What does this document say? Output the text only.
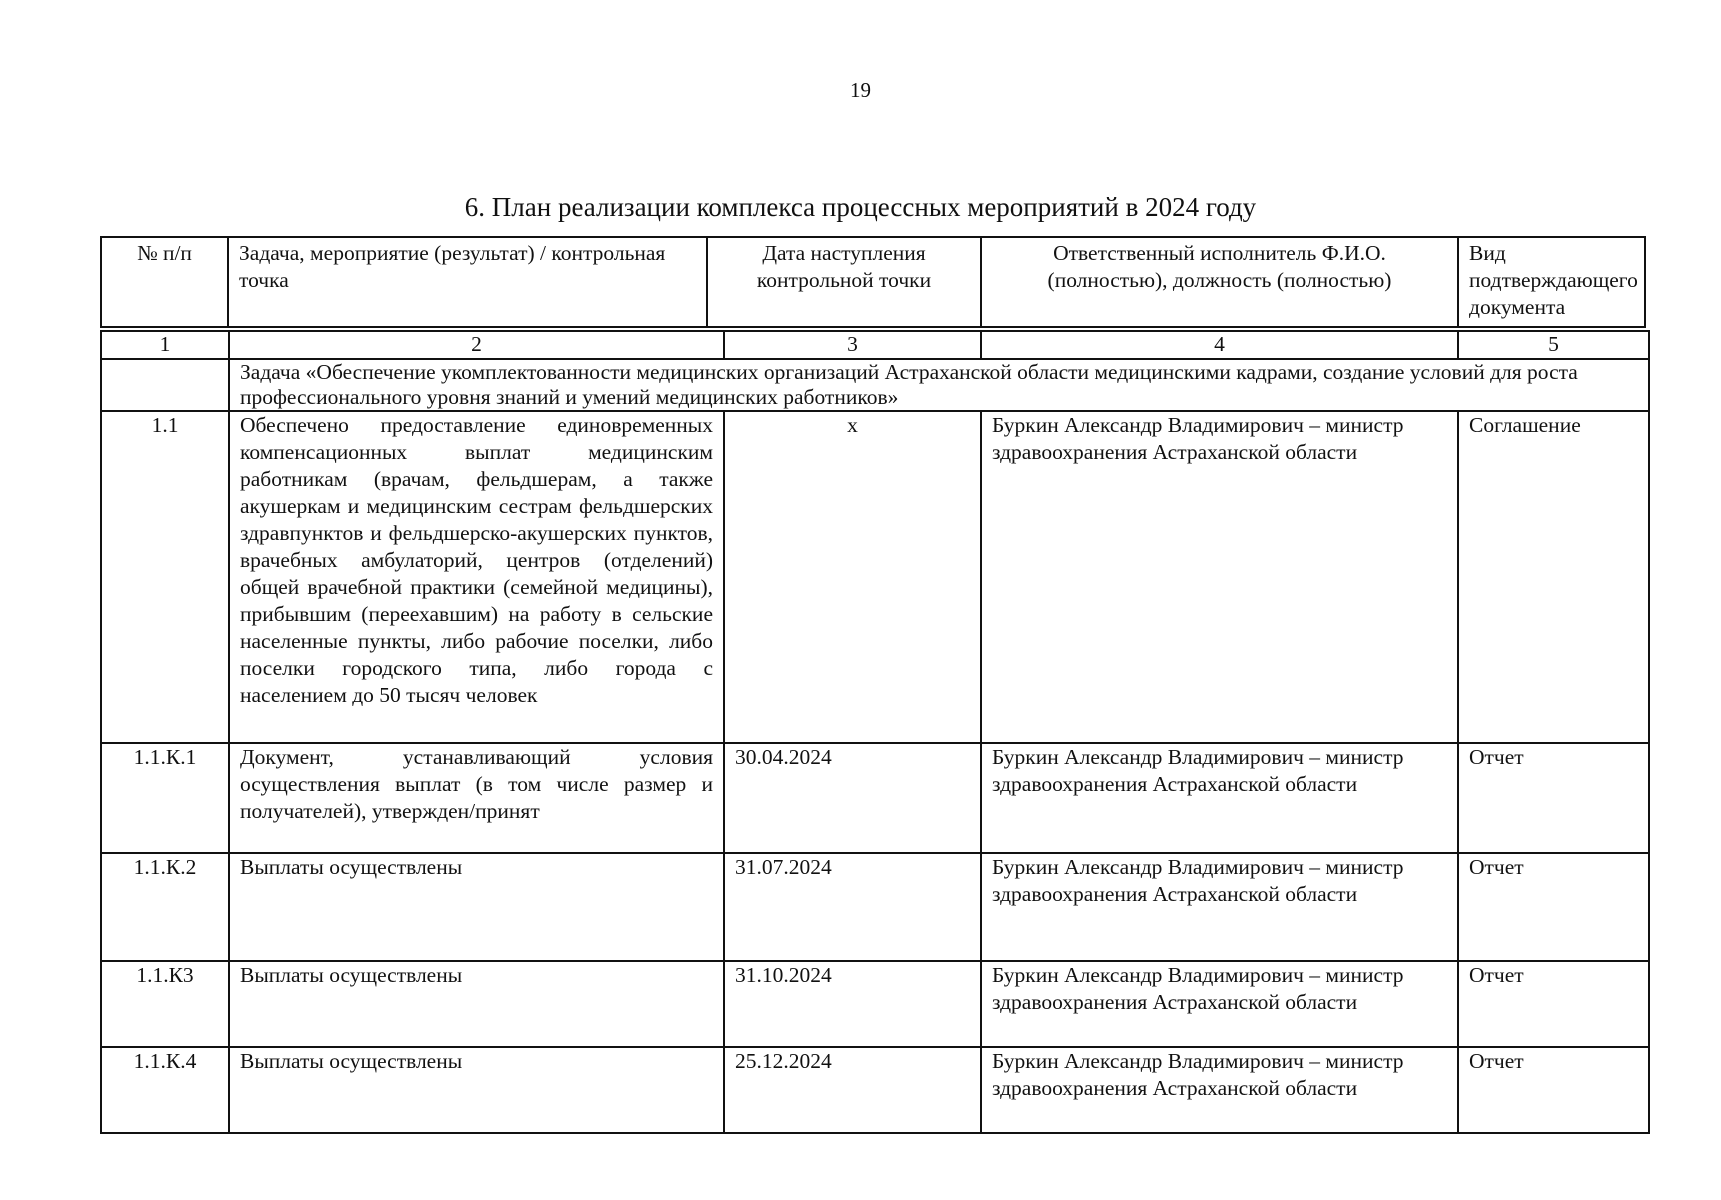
19
6. План реализации комплекса процессных мероприятий в 2024 году
№ п/п	Задача, мероприятие (результат) / контрольная точка	Дата наступления контрольной точки	Ответственный исполнитель Ф.И.О. (полностью), должность (полностью)	Вид подтверждающего документа
1	2	3	4	5
	Задача «Обеспечение укомплектованности медицинских организаций Астраханской области медицинскими кадрами, создание условий для роста профессионального уровня знаний и умений медицинских работников»			
1.1	Обеспечено предоставление единовременных компенсационных выплат медицинским работникам (врачам, фельдшерам, а также акушеркам и медицинским сестрам фельдшерских здравпунктов и фельдшерско-акушерских пунктов, врачебных амбулаторий, центров (отделений) общей врачебной практики (семейной медицины), прибывшим (переехавшим) на работу в сельские населенные пункты, либо рабочие поселки, либо поселки городского типа, либо города с населением до 50 тысяч человек	х	Буркин Александр Владимирович – министр здравоохранения Астраханской области	Соглашение
1.1.К.1	Документ, устанавливающий условия осуществления выплат (в том числе размер и получателей), утвержден/принят	30.04.2024	Буркин Александр Владимирович – министр здравоохранения Астраханской области	Отчет
1.1.К.2	Выплаты осуществлены	31.07.2024	Буркин Александр Владимирович – министр здравоохранения Астраханской области	Отчет
1.1.К3	Выплаты осуществлены	31.10.2024	Буркин Александр Владимирович – министр здравоохранения Астраханской области	Отчет
1.1.К.4	Выплаты осуществлены	25.12.2024	Буркин Александр Владимирович – министр здравоохранения Астраханской области	Отчет
